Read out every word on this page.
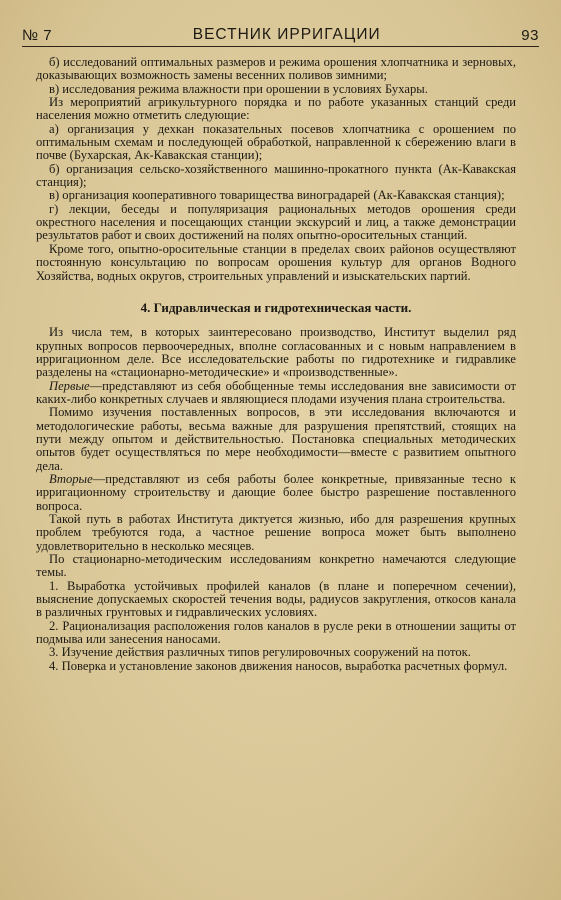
№ 7	ВЕСТНИК ИРРИГАЦИИ	93

б) исследований оптимальных размеров и режима орошения хлопчатника и зерновых, доказывающих возможность замены весенних поливов зимними;

в) исследования режима влажности при орошении в условиях Бухары.

Из мероприятий агрикультурного порядка и по работе указанных станций среди населения можно отметить следующие:

а) организация у дехкан показательных посевов хлопчатника с орошением по оптимальным схемам и последующей обработкой, направленной к сбережению влаги в почве (Бухарская, Ак-Кавакская станции);

б) организация сельско-хозяйственного машинно-прокатного пункта (Ак-Кавакская станция);

в) организация кооперативного товарищества виноградарей (Ак-Кавакская станция);

г) лекции, беседы и популяризация рациональных методов орошения среди окрестного населения и посещающих станции экскурсий и лиц, а также демонстрации результатов работ и своих достижений на полях опытно-оросительных станций.

Кроме того, опытно-оросительные станции в пределах своих районов осуществляют постоянную консультацию по вопросам орошения культур для органов Водного Хозяйства, водных округов, строительных управлений и изыскательских партий.

4. Гидравлическая и гидротехническая части.

Из числа тем, в которых заинтересовано производство, Институт выделил ряд крупных вопросов первоочередных, вполне согласованных и с новым направлением в ирригационном деле. Все исследовательские работы по гидротехнике и гидравлике разделены на «стационарно-методические» и «производственные».

Первые—представляют из себя обобщенные темы исследования вне зависимости от каких-либо конкретных случаев и являющиеся плодами изучения плана строительства.

Помимо изучения поставленных вопросов, в эти исследования включаются и методологические работы, весьма важные для разрушения препятствий, стоящих на пути между опытом и действительностью. Постановка специальных методических опытов будет осуществляться по мере необходимости—вместе с развитием опытного дела.

Вторые—представляют из себя работы более конкретные, привязанные тесно к ирригационному строительству и дающие более быстро разрешение поставленного вопроса.

Такой путь в работах Института диктуется жизнью, ибо для разрешения крупных проблем требуются года, а частное решение вопроса может быть выполнено удовлетворительно в несколько месяцев.

По стационарно-методическим исследованиям конкретно намечаются следующие темы.

1. Выработка устойчивых профилей каналов (в плане и поперечном сечении), выяснение допускаемых скоростей течения воды, радиусов закругления, откосов канала в различных грунтовых и гидравлических условиях.

2. Рационализация расположения голов каналов в русле реки в отношении защиты от подмыва или занесения наносами.

3. Изучение действия различных типов регулировочных сооружений на поток.

4. Поверка и установление законов движения наносов, выработка расчетных формул.
